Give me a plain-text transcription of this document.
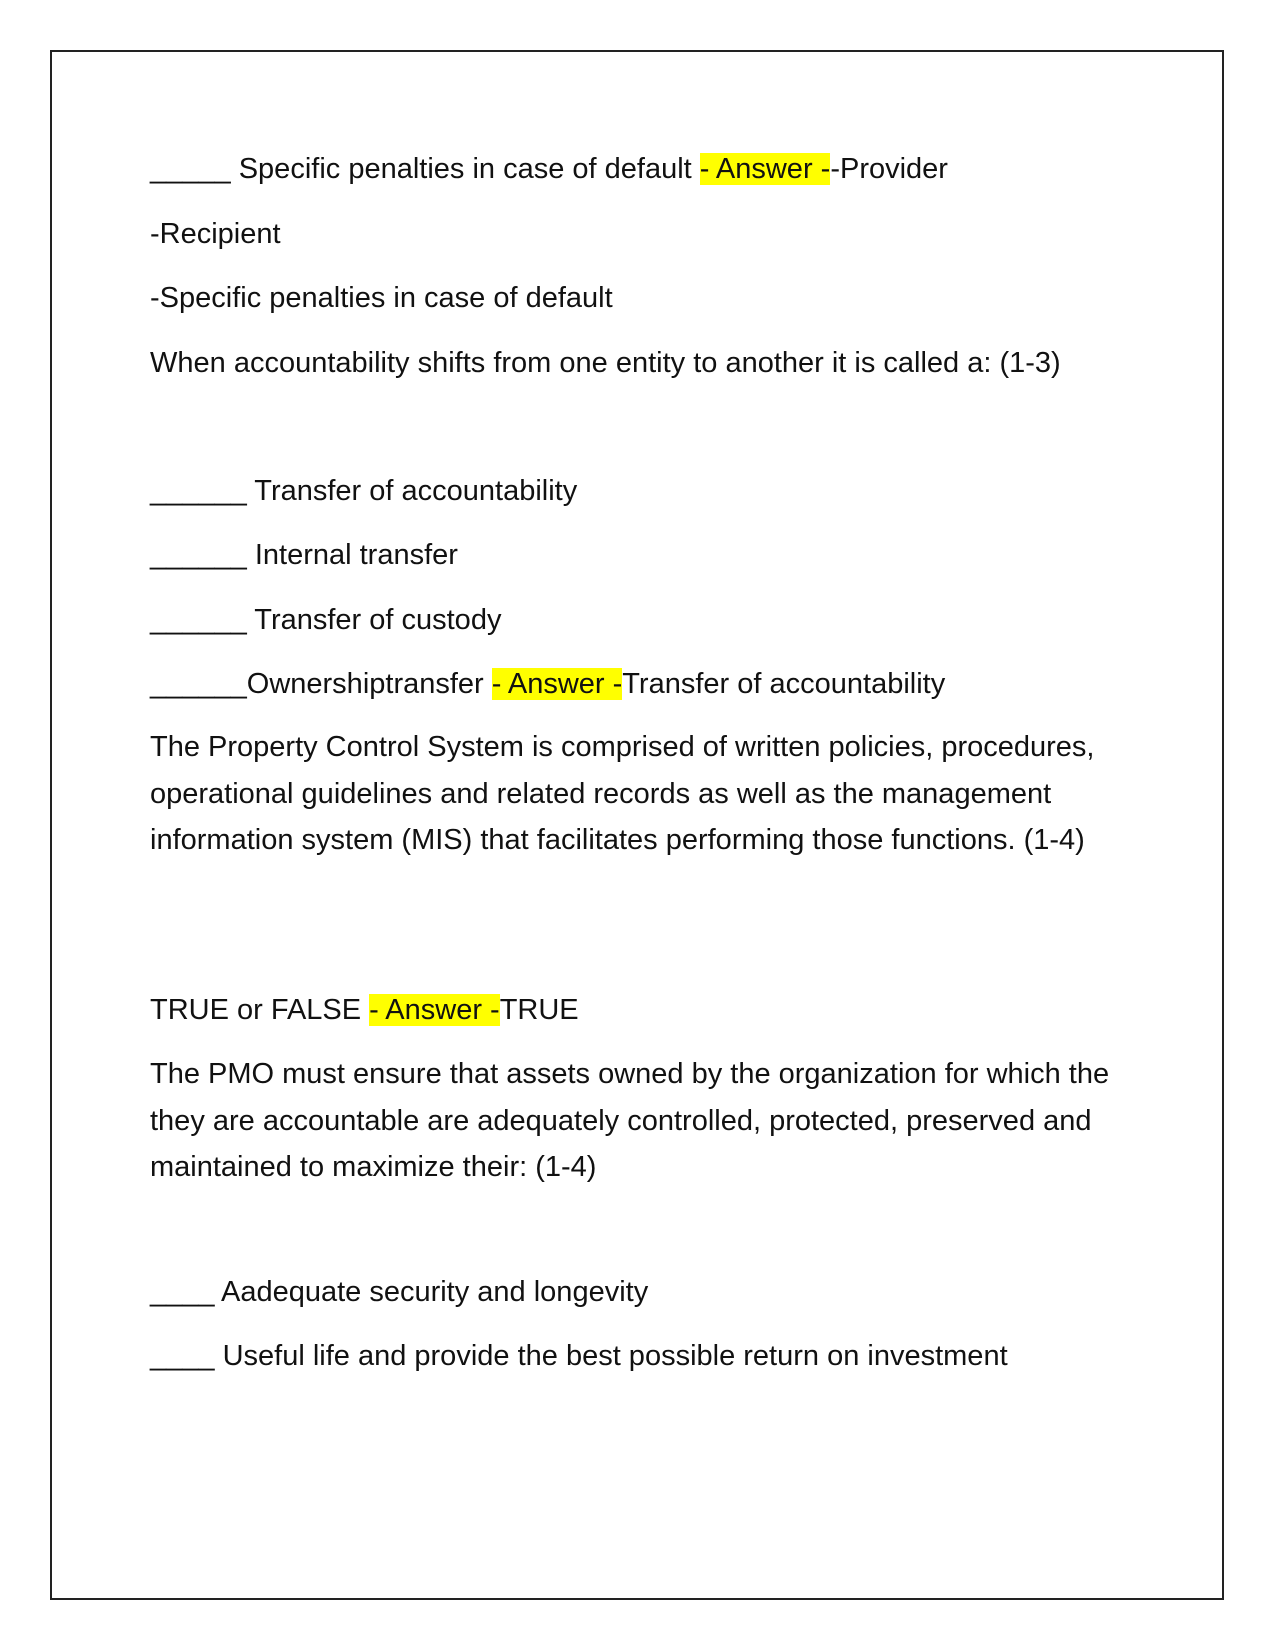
_____ Specific penalties in case of default - Answer --Provider

-Recipient

-Specific penalties in case of default

When accountability shifts from one entity to another it is called a: (1-3)

______ Transfer of accountability

______ Internal transfer

______ Transfer of custody

______Ownershiptransfer - Answer -Transfer of accountability

The Property Control System is comprised of written policies, procedures, operational guidelines and related records as well as the management information system (MIS) that facilitates performing those functions. (1-4)

TRUE or FALSE - Answer -TRUE

The PMO must ensure that assets owned by the organization for which the they are accountable are adequately controlled, protected, preserved and maintained to maximize their: (1-4)

____ Aadequate security and longevity

____ Useful life and provide the best possible return on investment
